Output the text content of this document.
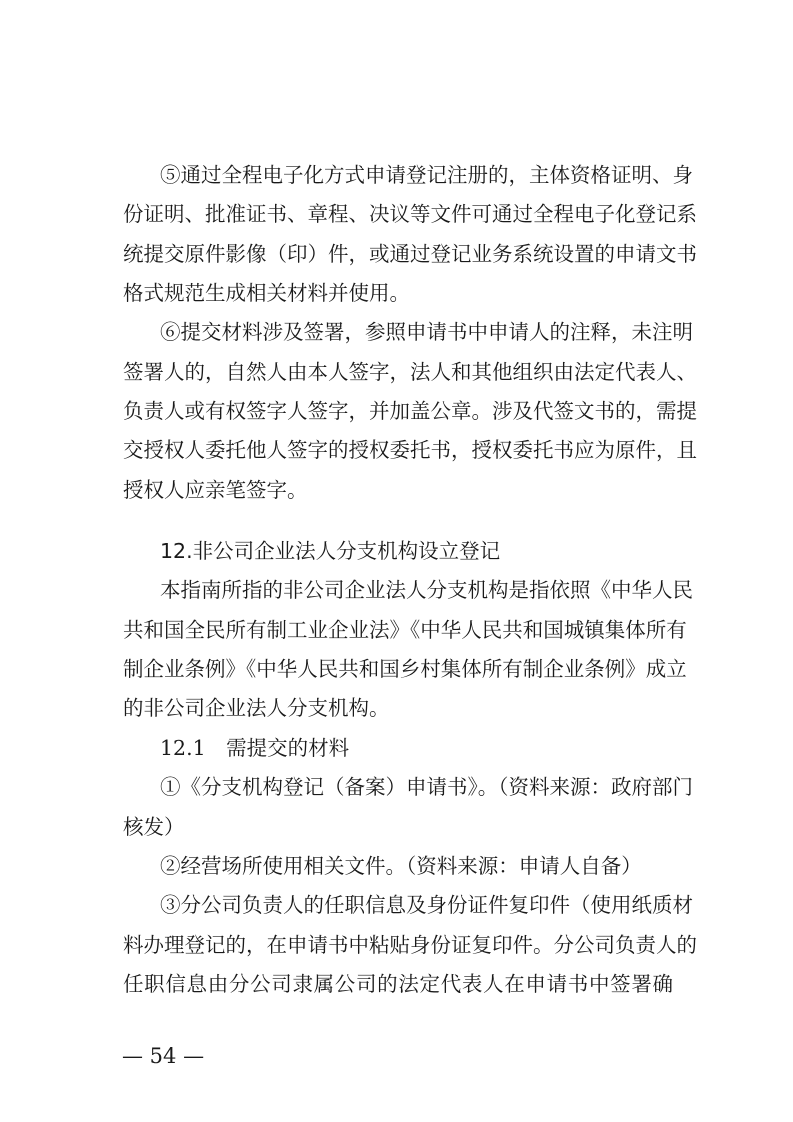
⑤通过全程电子化方式申请登记注册的，主体资格证明、身
份证明、批准证书、章程、决议等文件可通过全程电子化登记系
统提交原件影像（印）件，或通过登记业务系统设置的申请文书
格式规范生成相关材料并使用。
⑥提交材料涉及签署，参照申请书中申请人的注释，未注明
签署人的，自然人由本人签字，法人和其他组织由法定代表人、
负责人或有权签字人签字，并加盖公章。涉及代签文书的，需提
交授权人委托他人签字的授权委托书，授权委托书应为原件，且
授权人应亲笔签字。
12.非公司企业法人分支机构设立登记
本指南所指的非公司企业法人分支机构是指依照《中华人民
共和国全民所有制工业企业法》《中华人民共和国城镇集体所有
制企业条例》《中华人民共和国乡村集体所有制企业条例》成立
的非公司企业法人分支机构。
12.1　需提交的材料
①《分支机构登记（备案）申请书》。（资料来源：政府部门
核发）
②经营场所使用相关文件。（资料来源：申请人自备）
③分公司负责人的任职信息及身份证件复印件（使用纸质材
料办理登记的，在申请书中粘贴身份证复印件。分公司负责人的
任职信息由分公司隶属公司的法定代表人在申请书中签署确
— 54 —
